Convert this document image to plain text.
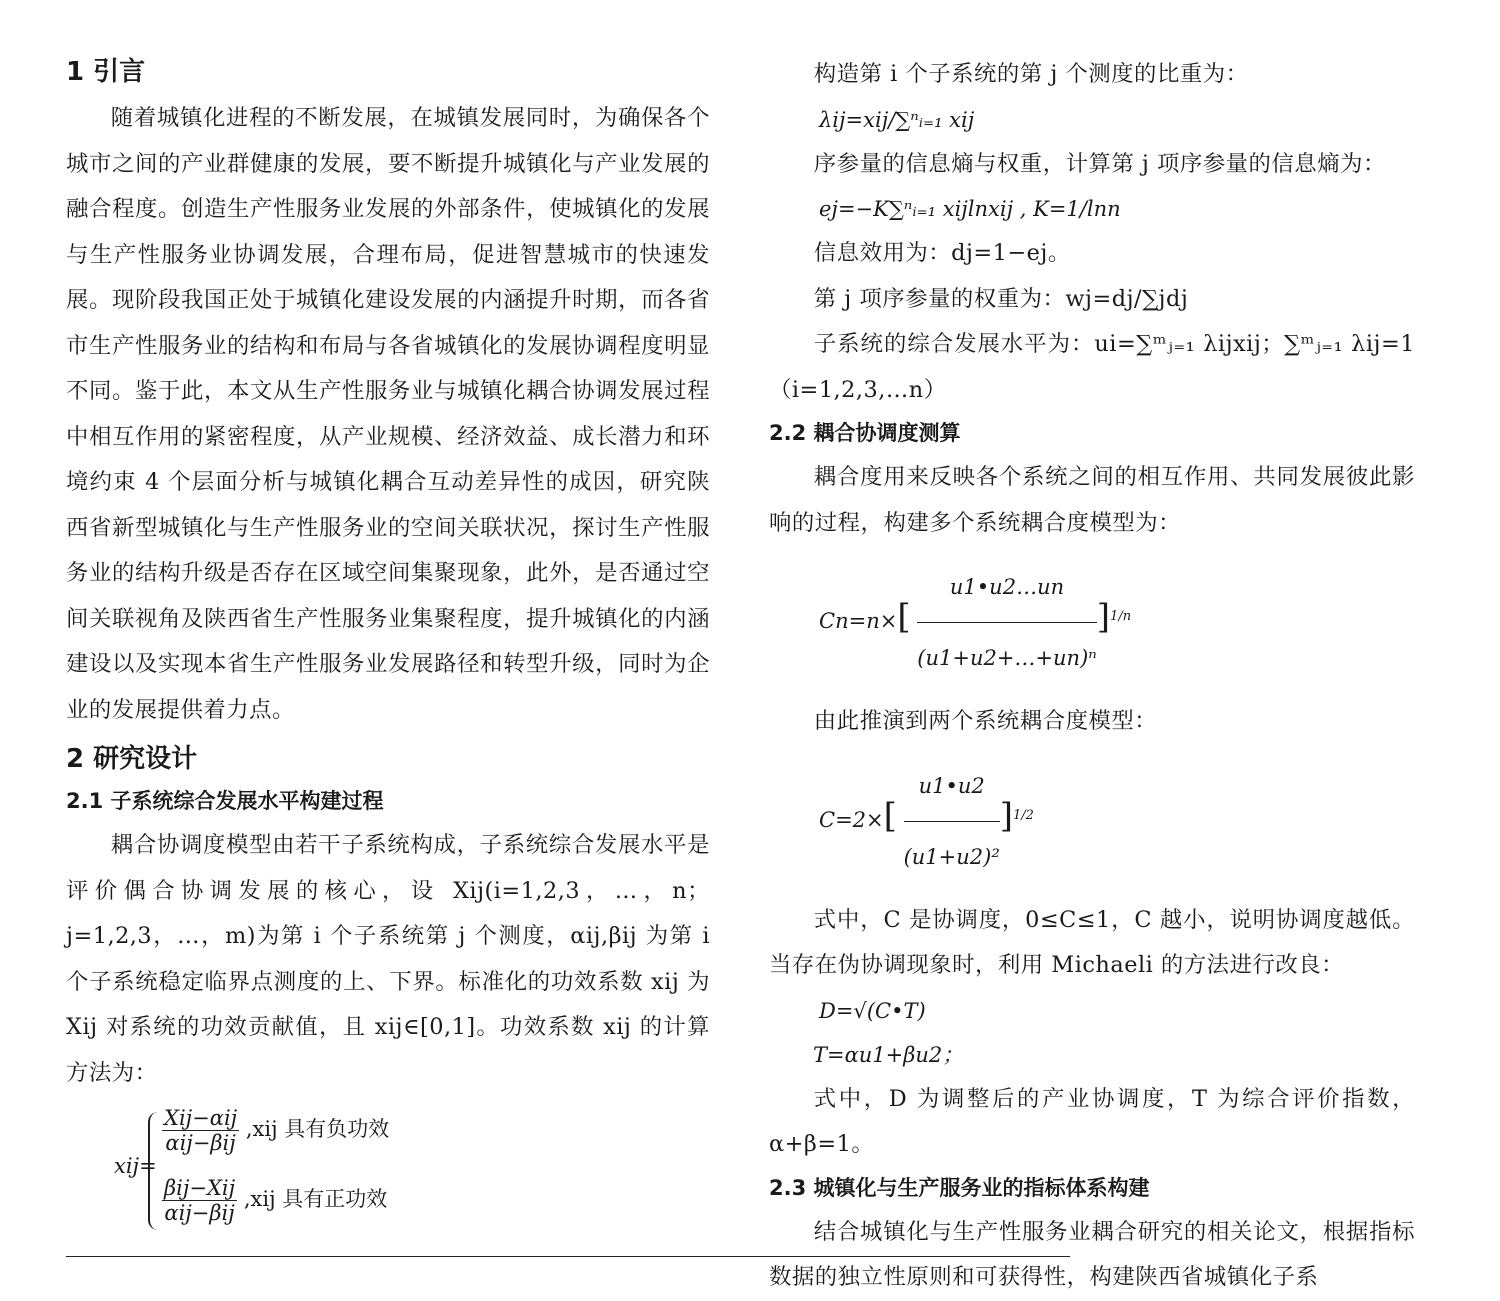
1 引言

随着城镇化进程的不断发展，在城镇发展同时，为确保各个城市之间的产业群健康的发展，要不断提升城镇化与产业发展的融合程度。创造生产性服务业发展的外部条件，使城镇化的发展与生产性服务业协调发展，合理布局，促进智慧城市的快速发展。现阶段我国正处于城镇化建设发展的内涵提升时期，而各省市生产性服务业的结构和布局与各省城镇化的发展协调程度明显不同。鉴于此，本文从生产性服务业与城镇化耦合协调发展过程中相互作用的紧密程度，从产业规模、经济效益、成长潜力和环境约束 4 个层面分析与城镇化耦合互动差异性的成因，研究陕西省新型城镇化与生产性服务业的空间关联状况，探讨生产性服务业的结构升级是否存在区域空间集聚现象，此外，是否通过空间关联视角及陕西省生产性服务业集聚程度，提升城镇化的内涵建设以及实现本省生产性服务业发展路径和转型升级，同时为企业的发展提供着力点。

2 研究设计
2.1 子系统综合发展水平构建过程

耦合协调度模型由若干子系统构成，子系统综合发展水平是评价偶合协调发展的核心，设 Xij(i=1,2,3，…，n；j=1,2,3，…，m)为第 i 个子系统第 j 个测度，αij,βij 为第 i 个子系统稳定临界点测度的上、下界。标准化的功效系数 xij 为 Xij 对系统的功效贡献值，且 xij∈[0,1]。功效系数 xij 的计算方法为：

xij=
$\frac{\text{Xij−αij}}{\text{αij−βij}} ,xij$ 具有负功效
$\frac{\text{βij−Xij}}{\text{αij−βij}} ,xij$ 具有正功效

构造第 i 个子系统的第 j 个测度的比重为：

λij=xij/∑ⁿᵢ₌₁ xij

序参量的信息熵与权重，计算第 j 项序参量的信息熵为：

ej=−K∑ⁿᵢ₌₁ xijlnxij , K=1/lnn

信息效用为：dj=1−ej。

第 j 项序参量的权重为：wj=dj/∑jdj

子系统的综合发展水平为：ui=∑ᵐⱼ₌₁ λijxij；∑ᵐⱼ₌₁ λij=1（i=1,2,3,…n）

2.2 耦合协调度测算

耦合度用来反映各个系统之间的相互作用、共同发展彼此影响的过程，构建多个系统耦合度模型为：

$Cn=n\times[ \frac{u1•u2\dots un}{\text{(u1+u2+…+un)ⁿ}} ]^{1/n}$

由此推演到两个系统耦合度模型：

$C=2\times[ \frac{u1•u2}{\text{(u1+u2)²}} ]^{1/2}$

式中，C 是协调度，0≤C≤1，C 越小，说明协调度越低。当存在伪协调现象时，利用 Michaeli 的方法进行改良：

D=√(C•T)
T=αu1+βu2；

式中，D 为调整后的产业协调度，T 为综合评价指数，α+β=1。

2.3 城镇化与生产服务业的指标体系构建

结合城镇化与生产性服务业耦合研究的相关论文，根据指标数据的独立性原则和可获得性，构建陕西省城镇化子系
